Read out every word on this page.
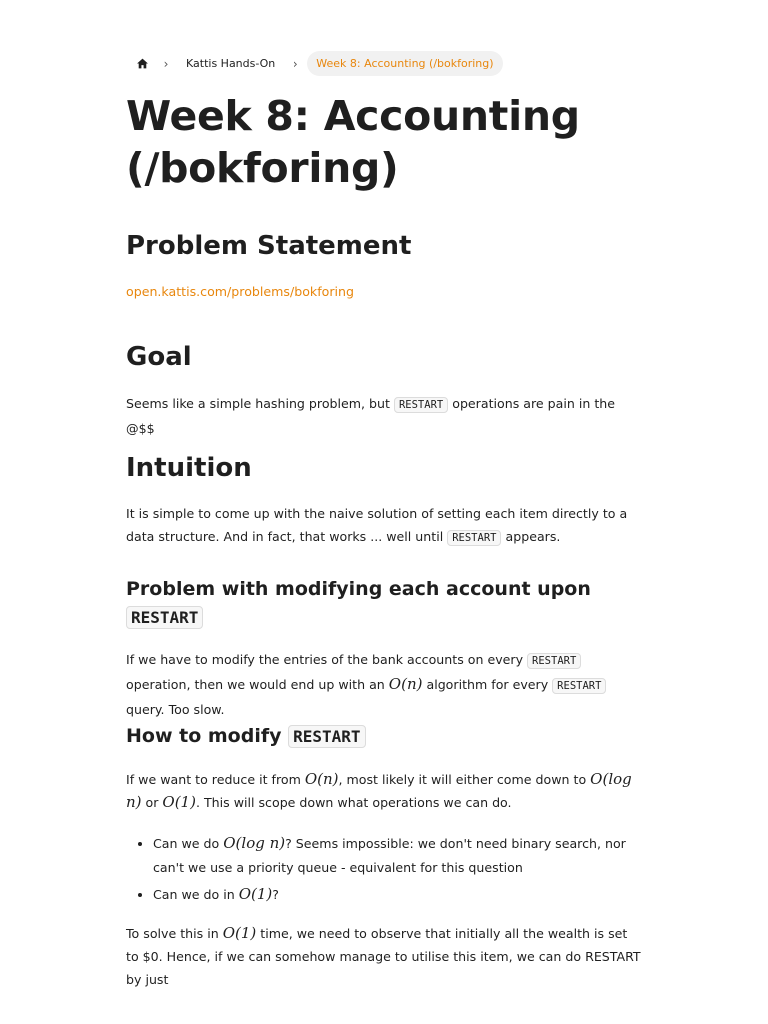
›	Kattis Hands-On	›	Week 8: Accounting (/bokforing)
Week 8: Accounting
(/bokforing)
Problem Statement
open.kattis.com/problems/bokforing
Goal

Seems like a simple hashing problem, but RESTART operations are pain in the @$$

Intuition

It is simple to come up with the naive solution of setting each item directly to a data structure. And in fact, that works ... well until RESTART appears.

Problem with modifying each account upon
RESTART

If we have to modify the entries of the bank accounts on every RESTART operation, then we would end up with an O(n) algorithm for every RESTART query. Too slow.

How to modify RESTART

If we want to reduce it from O(n), most likely it will either come down to O(log n) or O(1). This will scope down what operations we can do.

• Can we do O(log n)? Seems impossible: we don't need binary search, nor can't we use a priority queue - equivalent for this question
• Can we do in O(1)?

To solve this in O(1) time, we need to observe that initially all the wealth is set to $0. Hence, if we can somehow manage to utilise this item, we can do RESTART by just
